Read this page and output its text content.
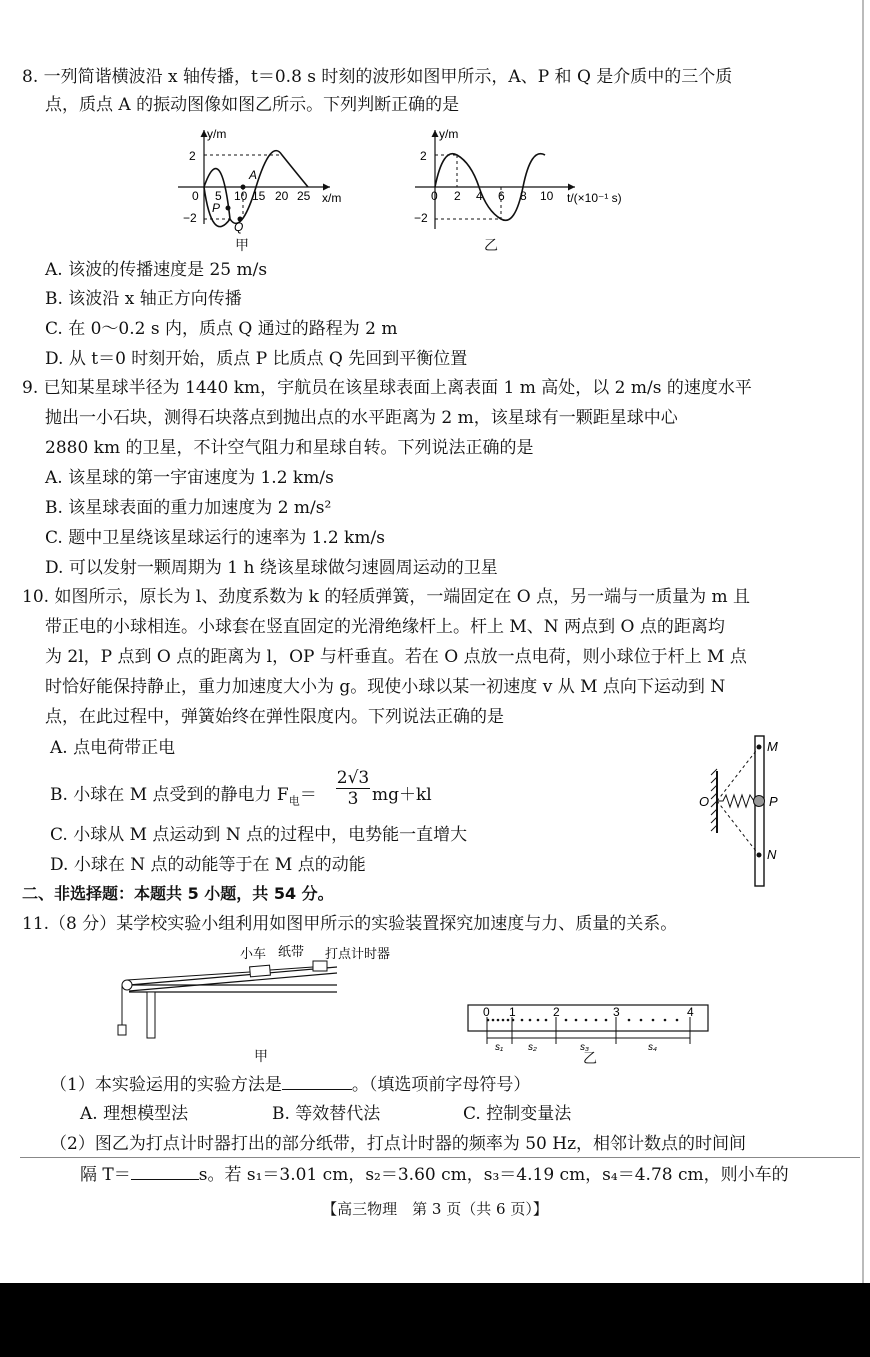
8. 一列简谐横波沿 x 轴传播，t＝0.8 s 时刻的波形如图甲所示，A、P 和 Q 是介质中的三个质
点，质点 A 的振动图像如图乙所示。下列判断正确的是
y/m
x/m
2
−2
0 5 10 15 20 25
A
P
Q
甲
y/m
t/(×10⁻¹ s)
2
−2
0 2 4 6 8 10
乙
A. 该波的传播速度是 25 m/s
B. 该波沿 x 轴正方向传播
C. 在 0～0.2 s 内，质点 Q 通过的路程为 2 m
D. 从 t＝0 时刻开始，质点 P 比质点 Q 先回到平衡位置
9. 已知某星球半径为 1440 km，宇航员在该星球表面上离表面 1 m 高处，以 2 m/s 的速度水平
抛出一小石块，测得石块落点到抛出点的水平距离为 2 m，该星球有一颗距星球中心
2880 km 的卫星，不计空气阻力和星球自转。下列说法正确的是
A. 该星球的第一宇宙速度为 1.2 km/s
B. 该星球表面的重力加速度为 2 m/s²
C. 题中卫星绕该星球运行的速率为 1.2 km/s
D. 可以发射一颗周期为 1 h 绕该星球做匀速圆周运动的卫星
10. 如图所示，原长为 l、劲度系数为 k 的轻质弹簧，一端固定在 O 点，另一端与一质量为 m 且
带正电的小球相连。小球套在竖直固定的光滑绝缘杆上。杆上 M、N 两点到 O 点的距离均
为 2l，P 点到 O 点的距离为 l，OP 与杆垂直。若在 O 点放一点电荷，则小球位于杆上 M 点
时恰好能保持静止，重力加速度大小为 g。现使小球以某一初速度 v 从 M 点向下运动到 N
点，在此过程中，弹簧始终在弹性限度内。下列说法正确的是
A. 点电荷带正电
B. 小球在 M 点受到的静电力 $F_电= \frac{2√3}{3} mg+kl$
C. 小球从 M 点运动到 N 点的过程中，电势能一直增大
D. 小球在 N 点的动能等于在 M 点的动能
O
M
P
N
二、非选择题：本题共 5 小题，共 54 分。
11.（8 分）某学校实验小组利用如图甲所示的实验装置探究加速度与力、质量的关系。
小车 纸带 打点计时器
甲
0 1	2	3	4
s₁ s₂	s₃	s₄
乙
（1）本实验运用的实验方法是	。（填选项前字母符号）
A. 理想模型法	B. 等效替代法	C. 控制变量法
（2）图乙为打点计时器打出的部分纸带，打点计时器的频率为 50 Hz，相邻计数点的时间间
隔 T＝	s。若 s₁＝3.01 cm，s₂＝3.60 cm，s₃＝4.19 cm，s₄＝4.78 cm，则小车的
【高三物理　第 3 页（共 6 页）】
